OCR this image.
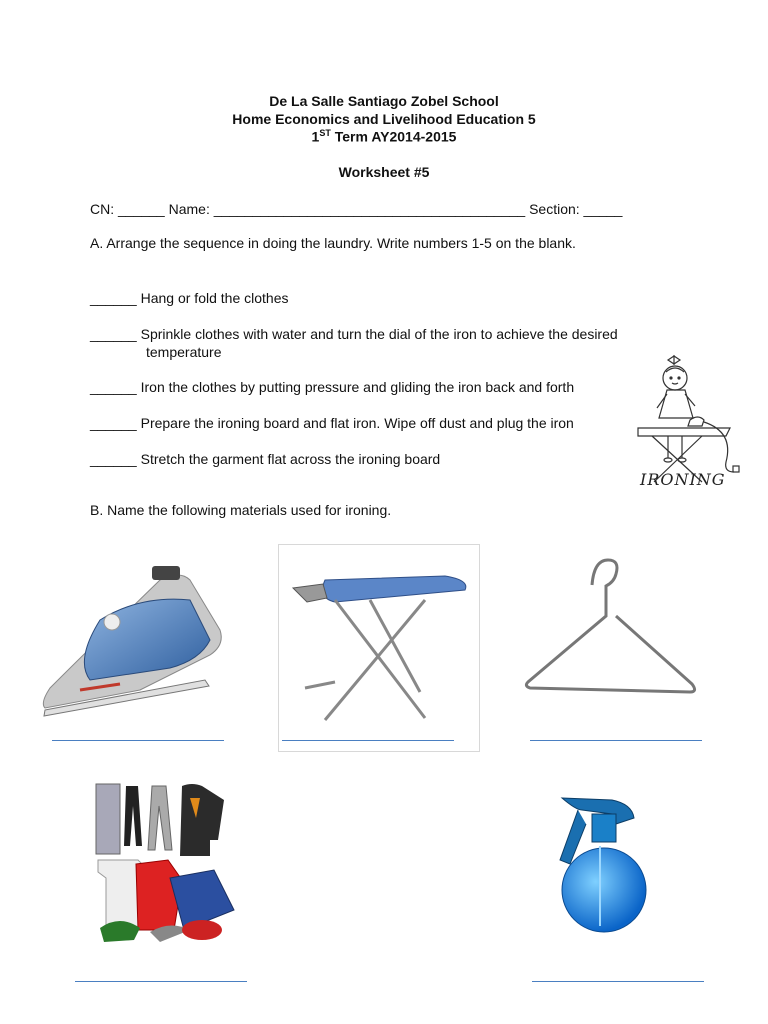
De La Salle Santiago Zobel School
Home Economics and Livelihood Education 5
1ST Term AY2014-2015
Worksheet #5
CN: ______ Name: ________________________________________ Section: _____
A. Arrange the sequence in doing the laundry. Write numbers 1-5 on the blank.
______ Hang or fold the clothes
______ Sprinkle clothes with water and turn the dial of the iron to achieve the desired
temperature
______ Iron the clothes by putting pressure and gliding the iron back and forth
______ Prepare the ironing board and flat iron. Wipe off dust and plug the iron
______ Stretch the garment flat across the ironing board
IRONING
B. Name the following materials used for ironing.
